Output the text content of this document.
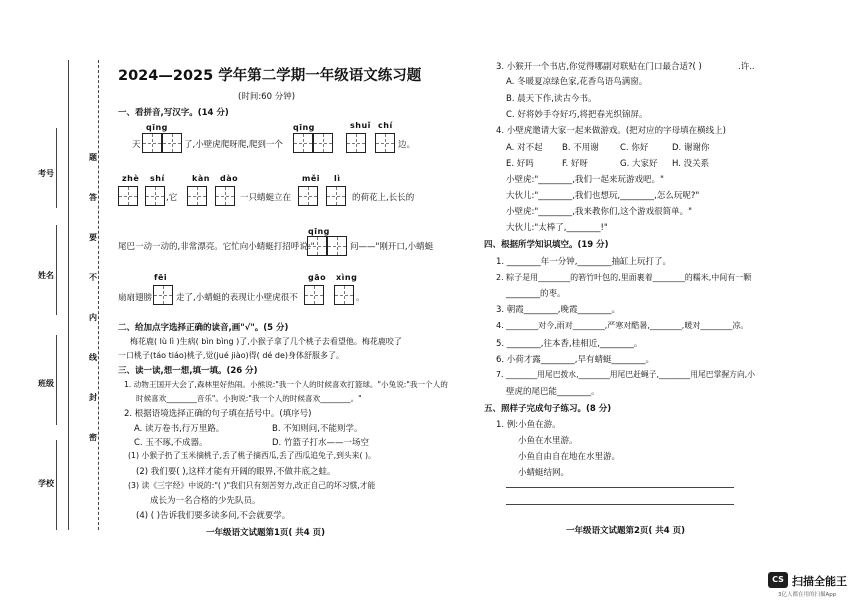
考号
姓名
班级
学校
题
答
要
不
内
线
封
密
2024—2025 学年第二学期一年级语文练习题
(时间:60 分钟)
一、看拼音,写汉字。(14 分)
qīng	qīng	shuǐ chí
天	了,小壁虎爬呀爬,爬到一个	边。
zhè shí	kàn dào	měi lì
,它	一只蜻蜓立在	的荷花上,长长的
qīng
尾巴一动一动的,非常漂亮。它忙向小蜻蜓打招呼说:"	问——"刚开口,小蜻蜓
fēi	gāo xìng
扇扇翅膀	走了,小蜻蜓的表现让小壁虎很不	。
二、给加点字选择正确的读音,画"√"。(5 分)
梅花鹿( lù lì )生病( bìn bìng )了,小猴子拿了几个桃子去看望他。梅花鹿咬了
一口桃子(táo tiáo)桃子,觉(jué jiào)得( dé de)身体舒服多了。
三、读一读,想一想,填一填。(26 分)
1. 动物王国开大会了,森林里好热闹。小熊说:"我一个人的时候喜欢打篮球。"小兔说:"我一个人的
时候喜欢________音乐"。小狗说:"我一个人的时候喜欢________。"
2. 根据语境选择正确的句子填在括号中。(填序号)
A. 读万卷书,行万里路。	B. 不知则问,不能则学。
C. 玉不琢,不成器。	D. 竹篮子打水——一场空
(1) 小猴子扔了玉米摘桃子,丢了桃子摘西瓜,丢了西瓜追兔子,到头来( )。
(2) 我们要( ),这样才能有开阔的眼界,不做井底之蛙。
(3) 读《三字经》中说的:"( )"我们只有刻苦努力,改正自己的坏习惯,才能
成长为一名合格的少先队员。
(4) ( )告诉我们要多读多问,不会就要学。
一年级语文试题第1页( 共4 页)
3. 小猴开一个书店,你觉得哪副对联贴在门口最合适?( )	.许..
A. 冬暖夏凉绿色家,花香鸟语鸟满窗。
B. 晨天下作,读古今书。
C. 好将妙手夺好巧,将把春光织锦屏。
4. 小壁虎邀请大家一起来做游戏。(把对应的字母填在横线上)
A. 对不起 B. 不用谢	C. 你好	D. 谢谢你
E. 好吗	F. 好呀	G. 大家好 H. 没关系
小壁虎:"________,我们一起来玩游戏吧。"
大伙儿:"________,我们也想玩,________,怎么玩呢?"
小壁虎:"________,我来教你们,这个游戏很简单。"
大伙儿:"太棒了,________!"
四、根据所学知识填空。(19 分)
1. ________年一分钟,________抽缸上玩打了。
2. 粽子是用________的箬竹叶包的,里面裹着________的糯米,中间有一颗
________的枣。
3. 朝霞________,晚霞________。
4. ________对今,雨对________,严寒对酷暑,________,暖对________凉。
5. ________,往本香,桂相近,________。
6. 小荷才露________,早有蜻蜓________。
7. ________用尾巴拨水,________用尾巴赶蝇子,________用尾巴掌握方向,小
壁虎的尾巴能________。
五、照样子完成句子练习。(8 分)
1. 例:小鱼在游。
小鱼在水里游。
小鱼自由自在地在水里游。
小蜻蜓结网。
一年级语文试题第2页( 共4 页)
CS 扫描全能王
3亿人都在用的扫描App
